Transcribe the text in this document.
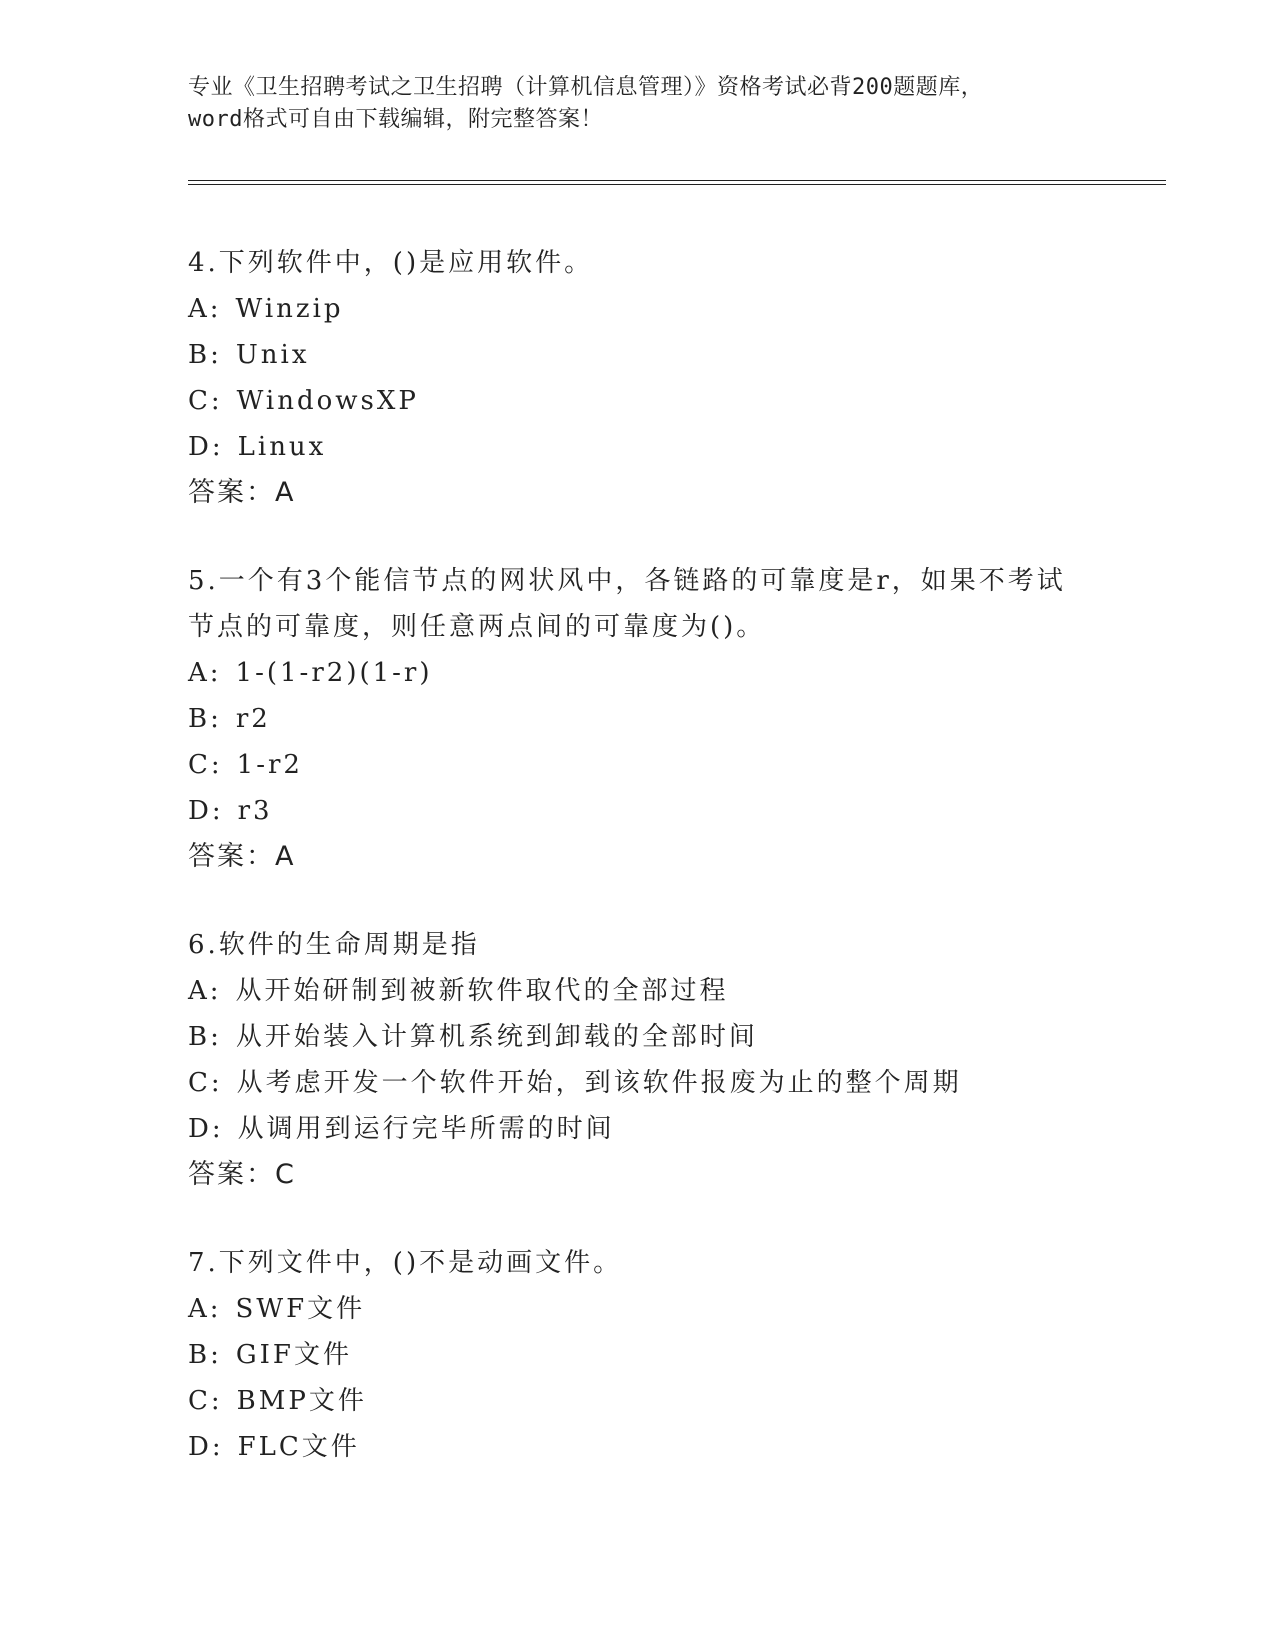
专业《卫生招聘考试之卫生招聘（计算机信息管理）》资格考试必背200题题库，
word格式可自由下载编辑，附完整答案！
4.下列软件中，()是应用软件。
A: Winzip
B: Unix
C: WindowsXP
D: Linux
答案：A
5.一个有3个能信节点的网状风中，各链路的可靠度是r，如果不考试
节点的可靠度，则任意两点间的可靠度为()。
A: 1-(1-r2)(1-r)
B: r2
C: 1-r2
D: r3
答案：A
6.软件的生命周期是指
A: 从开始研制到被新软件取代的全部过程
B: 从开始装入计算机系统到卸载的全部时间
C: 从考虑开发一个软件开始，到该软件报废为止的整个周期
D: 从调用到运行完毕所需的时间
答案：C
7.下列文件中，()不是动画文件。
A: SWF文件
B: GIF文件
C: BMP文件
D: FLC文件
